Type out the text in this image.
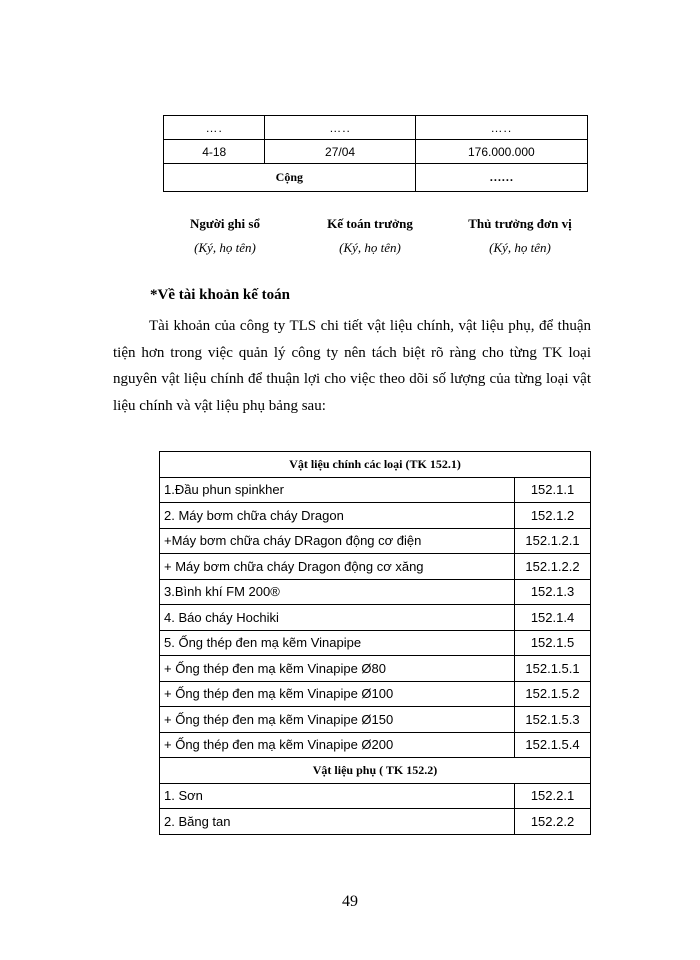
….	…..	…..
4-18	27/04	176.000.000
Cộng		……
Người ghi sổ
(Ký, họ tên)
Kế toán trưởng
(Ký, họ tên)
Thủ trưởng đơn vị
(Ký, họ tên)
*Về tài khoản kế toán
Tài khoản của công ty TLS chi tiết vật liệu chính, vật liệu phụ, để thuận tiện hơn trong việc quản lý công ty nên tách biệt rõ ràng cho từng TK loại nguyên vật liệu chính để thuận lợi cho việc theo dõi số lượng của từng loại vật liệu chính và vật liệu phụ bảng sau:
Vật liệu chính các loại (TK 152.1)	
1.Đầu phun spinkher	152.1.1
2. Máy bơm chữa cháy Dragon	152.1.2
+Máy bơm chữa cháy DRagon động cơ điện	152.1.2.1
+ Máy bơm chữa cháy Dragon động cơ xăng	152.1.2.2
3.Bình khí FM 200®	152.1.3
4. Báo cháy Hochiki	152.1.4
5. Ống thép đen mạ kẽm Vinapipe	152.1.5
+ Ống thép đen mạ kẽm Vinapipe Ø80	152.1.5.1
+ Ống thép đen mạ kẽm Vinapipe Ø100	152.1.5.2
+ Ống thép đen mạ kẽm Vinapipe Ø150	152.1.5.3
+ Ống thép đen mạ kẽm Vinapipe Ø200	152.1.5.4
Vật liệu phụ ( TK 152.2)	
1. Sơn	152.2.1
2. Băng tan	152.2.2
49
